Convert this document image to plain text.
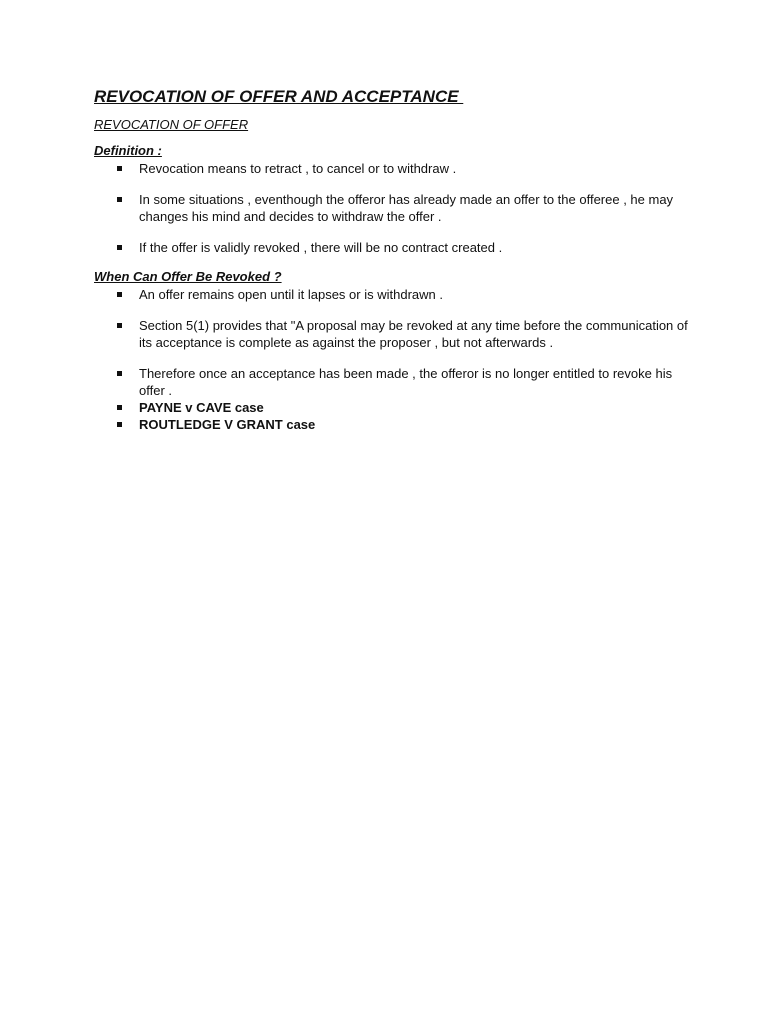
REVOCATION OF OFFER AND ACCEPTANCE

REVOCATION OF OFFER

Definition :

Revocation means to retract , to cancel or to withdraw .
In some situations , eventhough the offeror has already made an offer to the offeree , he may changes his mind and decides to withdraw the offer .
If the offer is validly revoked , there will be no contract created .

When Can Offer Be Revoked ?

An offer remains open until it lapses or is withdrawn .
Section 5(1) provides that "A proposal may be revoked at any time before the communication of its acceptance is complete as against the proposer , but not afterwards .
Therefore once an acceptance has been made , the offeror is no longer entitled to revoke his offer .
PAYNE v CAVE case
ROUTLEDGE V GRANT case
